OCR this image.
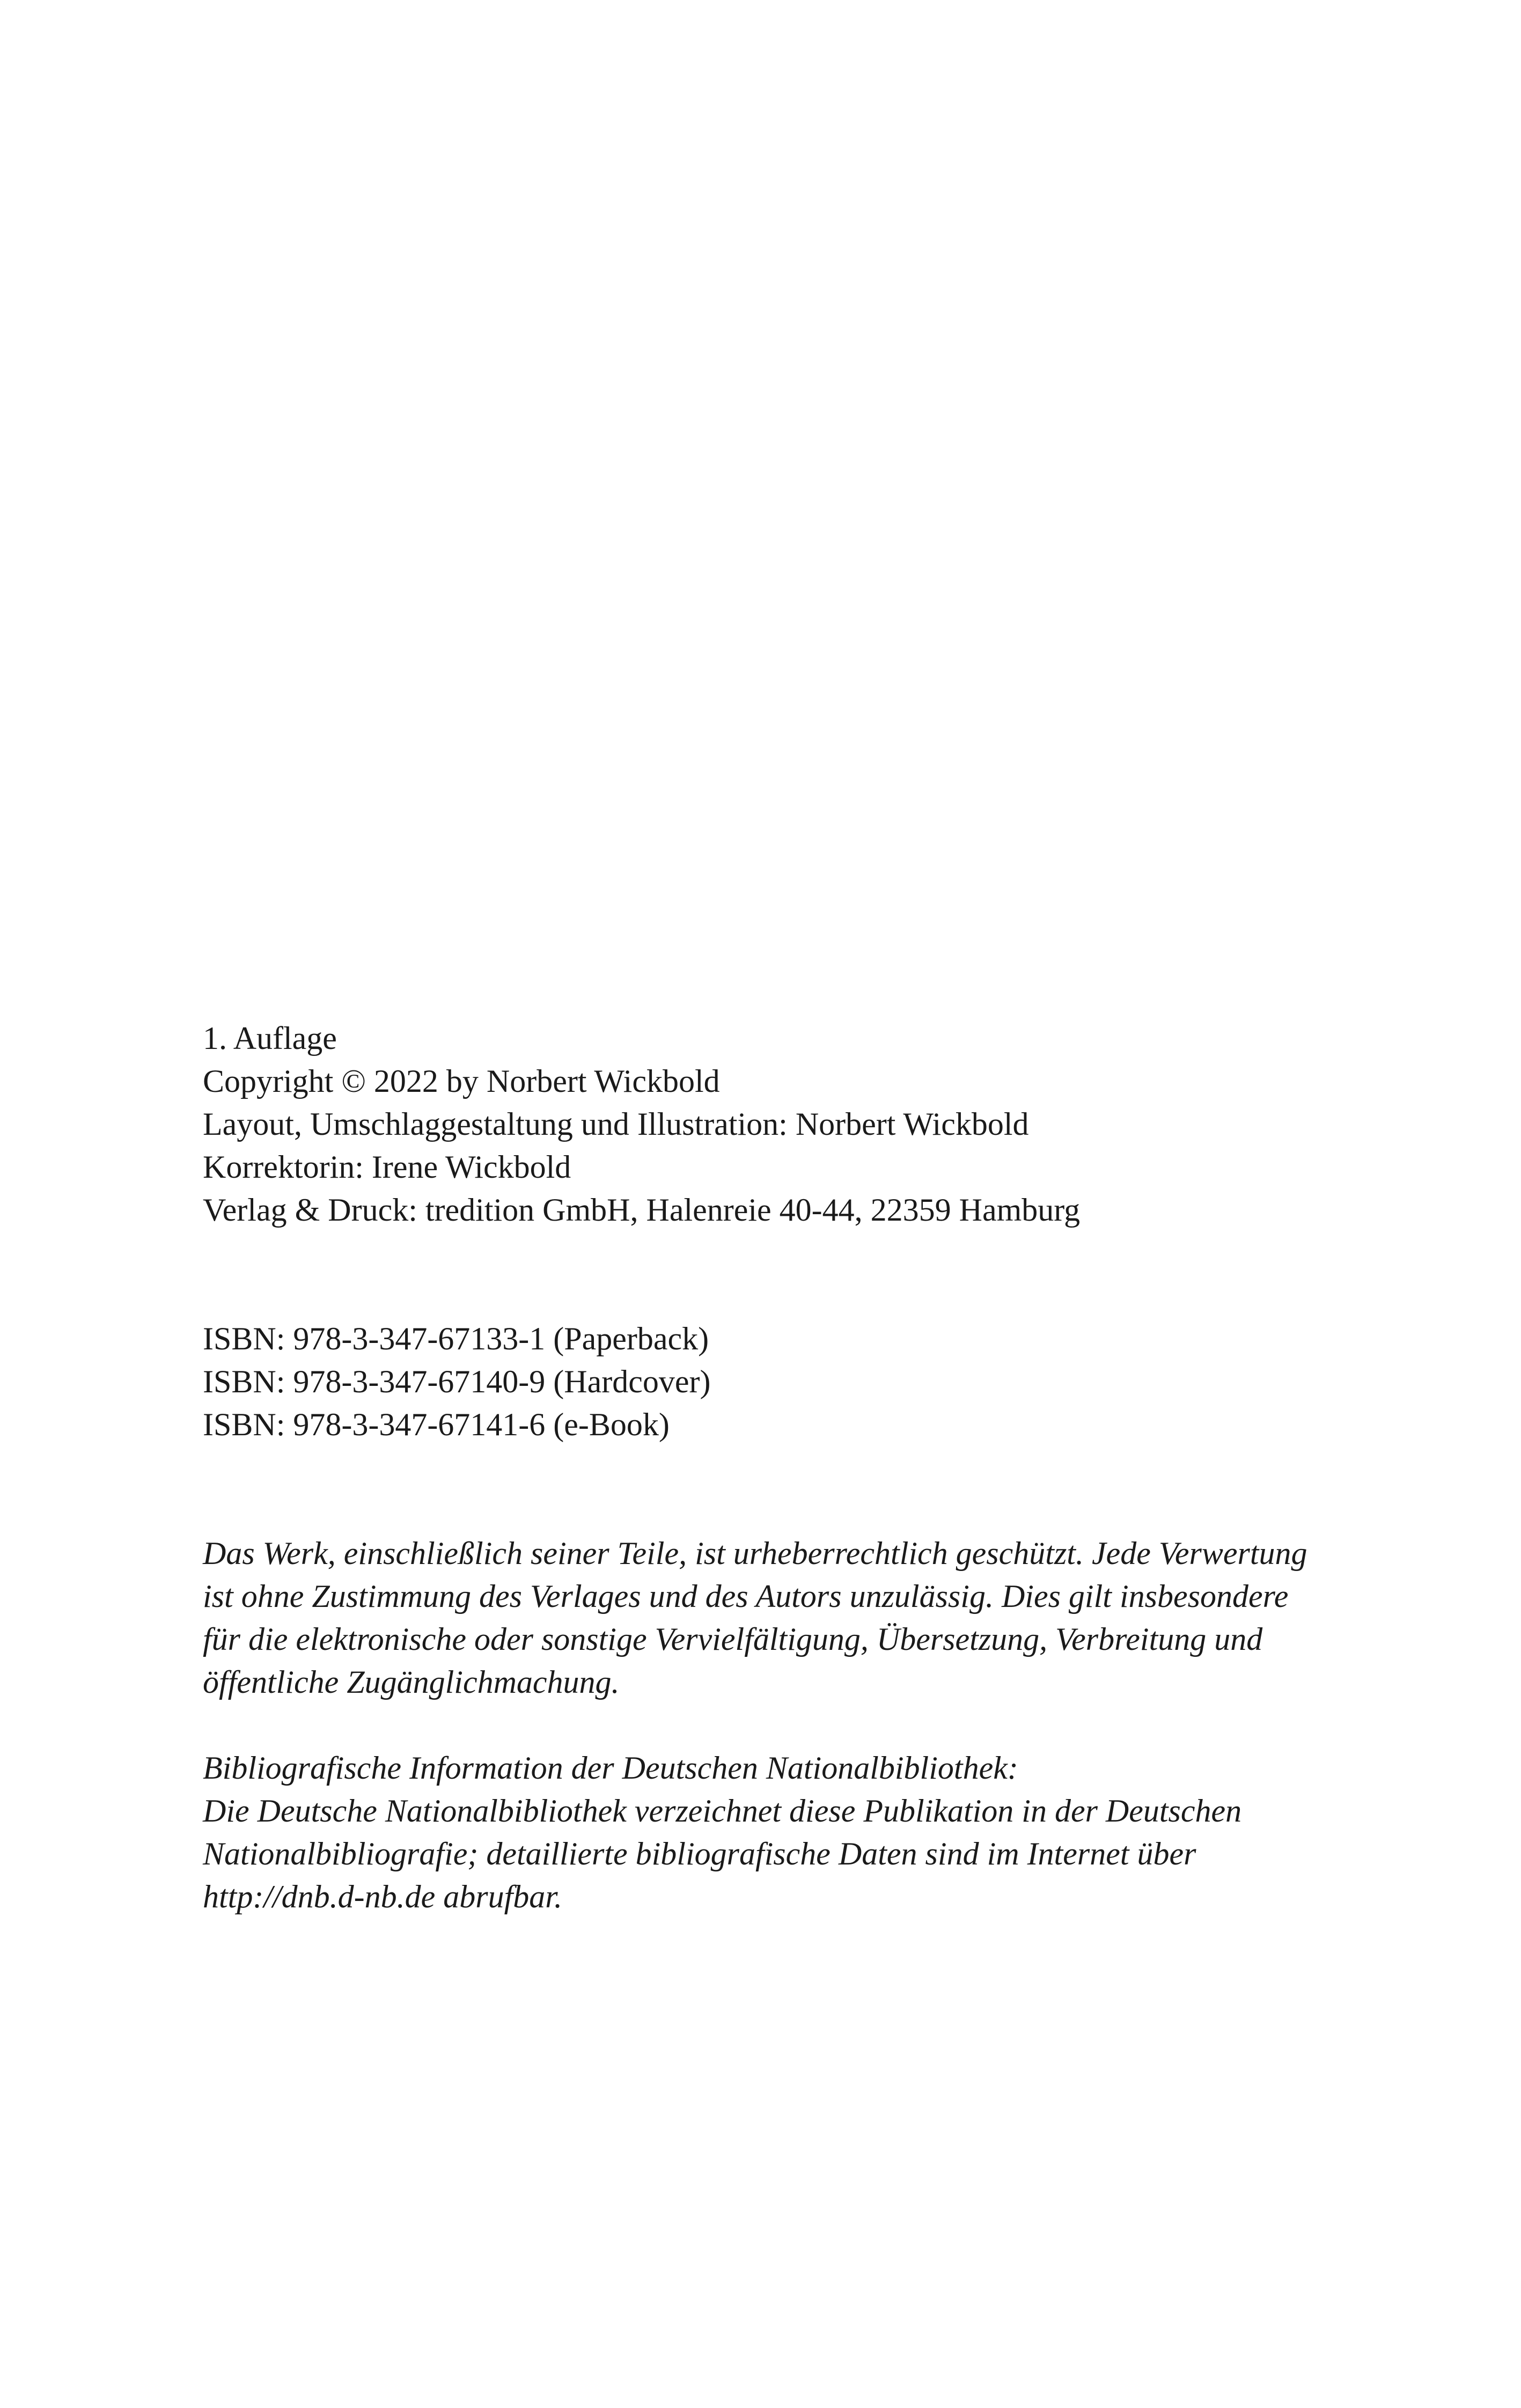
1. Auflage
Copyright © 2022 by Norbert Wickbold
Layout, Umschlaggestaltung und Illustration: Norbert Wickbold
Korrektorin: Irene Wickbold
Verlag & Druck: tredition GmbH, Halenreie 40-44, 22359 Hamburg
ISBN: 978-3-347-67133-1 (Paperback)
ISBN: 978-3-347-67140-9 (Hardcover)
ISBN: 978-3-347-67141-6 (e-Book)
Das Werk, einschließlich seiner Teile, ist urheberrechtlich geschützt. Jede Verwertung
ist ohne Zustimmung des Verlages und des Autors unzulässig. Dies gilt insbesondere
für die elektronische oder sonstige Vervielfältigung, Übersetzung, Verbreitung und
öffentliche Zugänglichmachung.
Bibliografische Information der Deutschen Nationalbibliothek:
Die Deutsche Nationalbibliothek verzeichnet diese Publikation in der Deutschen
Nationalbibliografie; detaillierte bibliografische Daten sind im Internet über
http://dnb.d-nb.de abrufbar.
